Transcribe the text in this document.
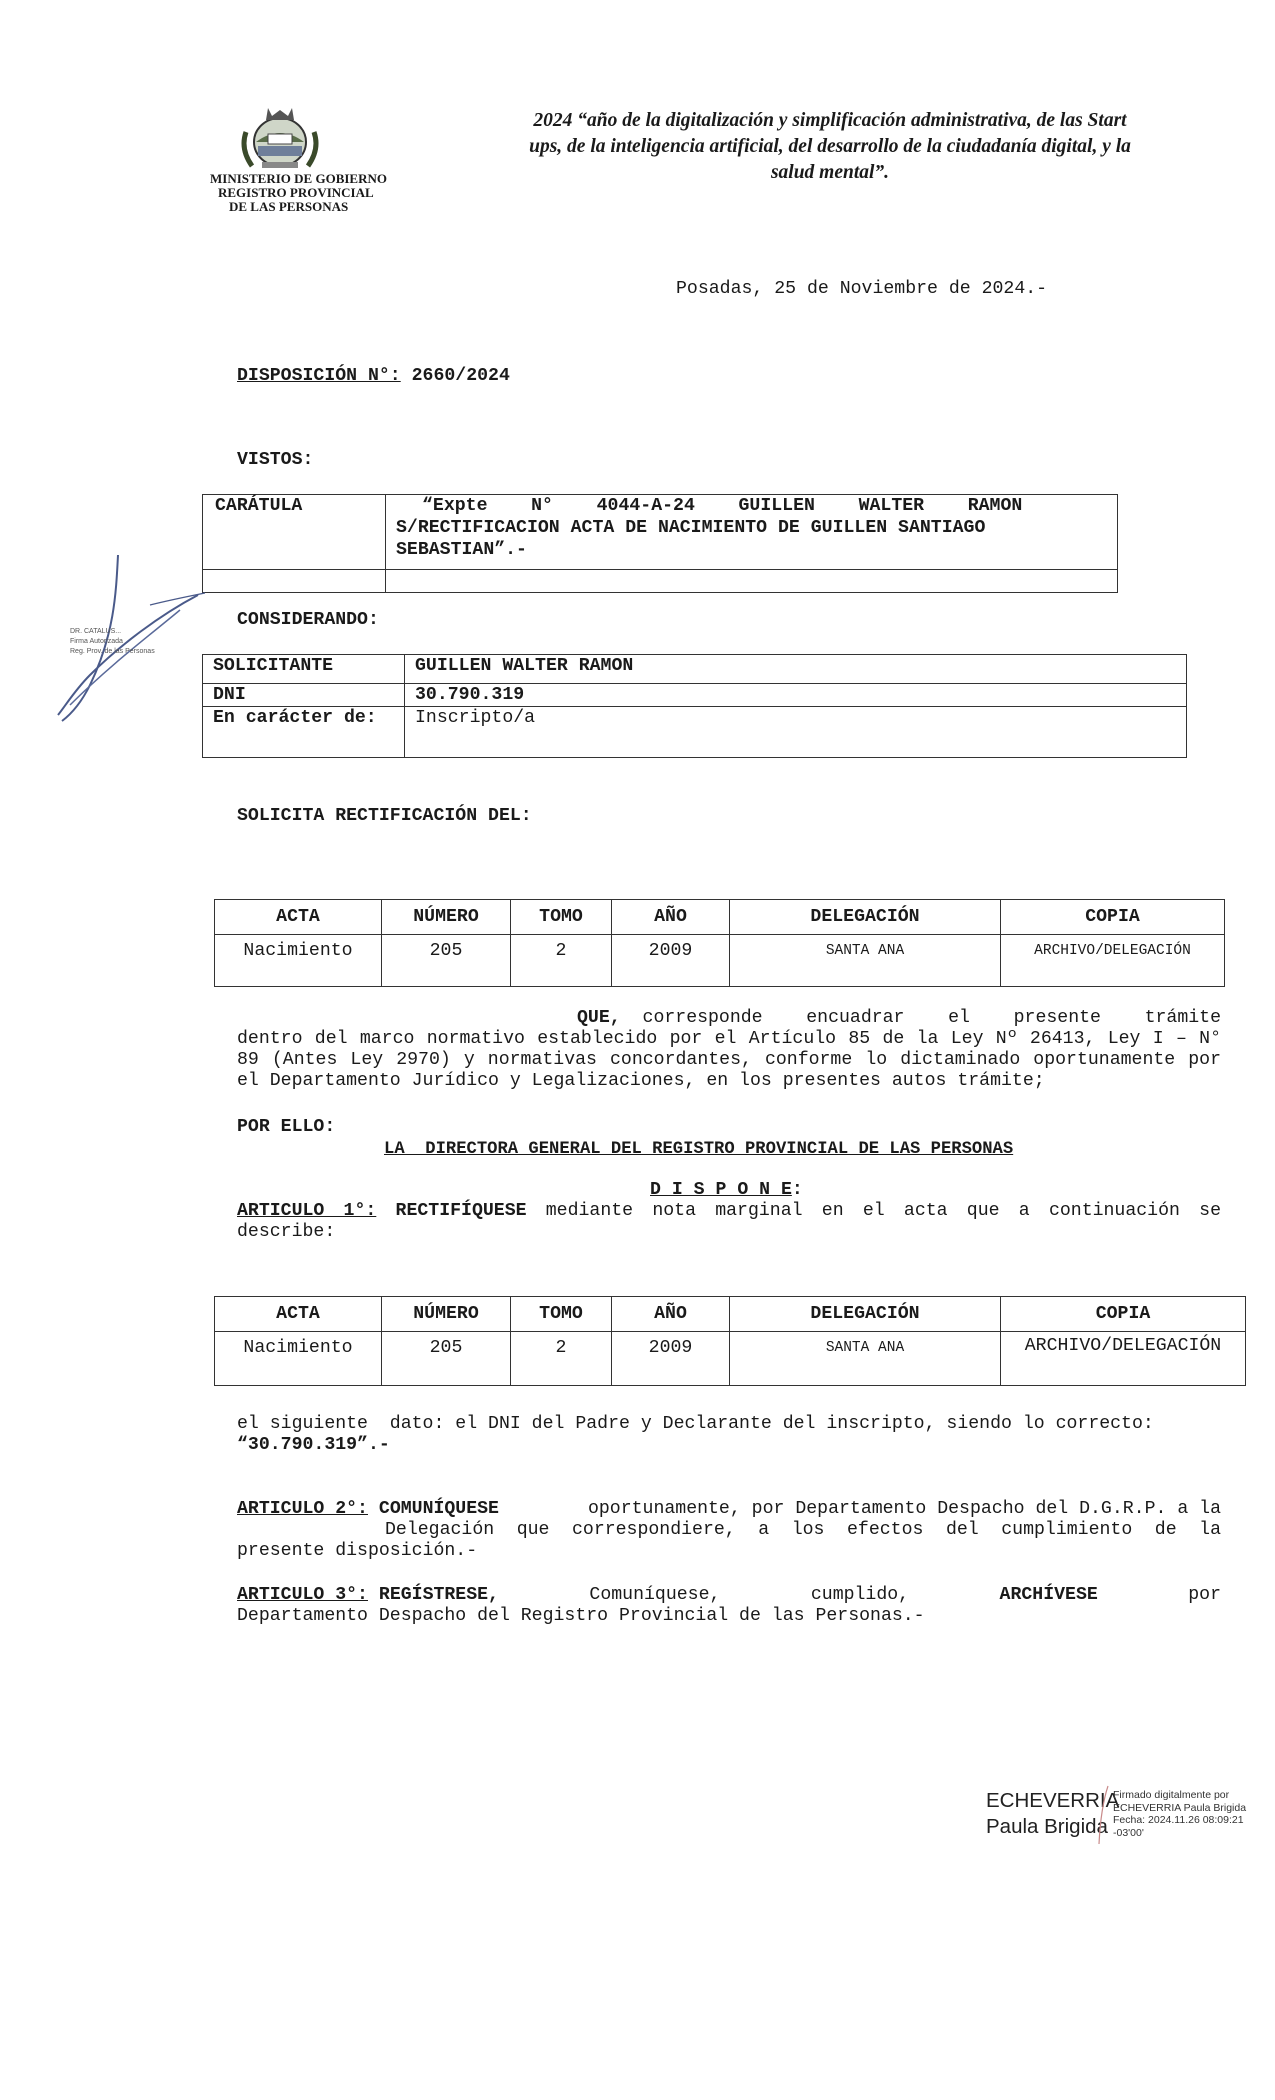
MINISTERIO DE GOBIERNO
REGISTRO PROVINCIAL
DE LAS PERSONAS
2024 “año de la digitalización y simplificación administrativa, de las Start
ups, de la inteligencia artificial, del desarrollo de la ciudadanía digital, y la
salud mental”.
Posadas, 25 de Noviembre de 2024.-
DISPOSICIÓN N°: 2660/2024
VISTOS:
CARÁTULA	“Expte    N°    4044-A-24    GUILLEN    WALTER    RAMON
S/RECTIFICACION ACTA DE NACIMIENTO DE GUILLEN SANTIAGO
SEBASTIAN”.-

DR. CATALUS...
Firma Autorizada
Reg. Prov. de las Personas
CONSIDERANDO:
SOLICITANTE	GUILLEN WALTER RAMON
DNI	30.790.319
En carácter de:	Inscripto/a
SOLICITA RECTIFICACIÓN DEL:
ACTA	NÚMERO	TOMO	AÑO	DELEGACIÓN	COPIA
Nacimiento	205	2	2009	SANTA ANA	ARCHIVO/DELEGACIÓN
QUE, corresponde    encuadrar    el    presente    trámite
dentro del marco normativo establecido por el Artículo 85 de la Ley Nº 26413, Ley I – N° 89 (Antes Ley 2970) y normativas concordantes, conforme lo dictaminado oportunamente por el Departamento Jurídico y Legalizaciones, en los presentes autos trámite;
POR ELLO:
LA  DIRECTORA GENERAL DEL REGISTRO PROVINCIAL DE LAS PERSONAS
D I S P O N E:
ARTICULO 1°: RECTIFÍQUESE mediante nota marginal en el acta que a continuación se describe:
ACTA	NÚMERO	TOMO	AÑO	DELEGACIÓN	COPIA
Nacimiento	205	2	2009	SANTA ANA	ARCHIVO/DELEGACIÓN
el siguiente  dato: el DNI del Padre y Declarante del inscripto, siendo lo correcto:
“30.790.319”.-
ARTICULO 2°: COMUNÍQUESE	oportunamente, por Departamento Despacho del D.G.R.P. a la
Delegación que correspondiere, a los efectos del cumplimiento de la
presente disposición.-
ARTICULO 3°: REGÍSTRESE,	Comuníquese,	cumplido,	ARCHÍVESE	por
Departamento Despacho del Registro Provincial de las Personas.-
ECHEVERRIA
Paula Brigida
Firmado digitalmente por
ECHEVERRIA Paula Brigida
Fecha: 2024.11.26 08:09:21
-03'00'
